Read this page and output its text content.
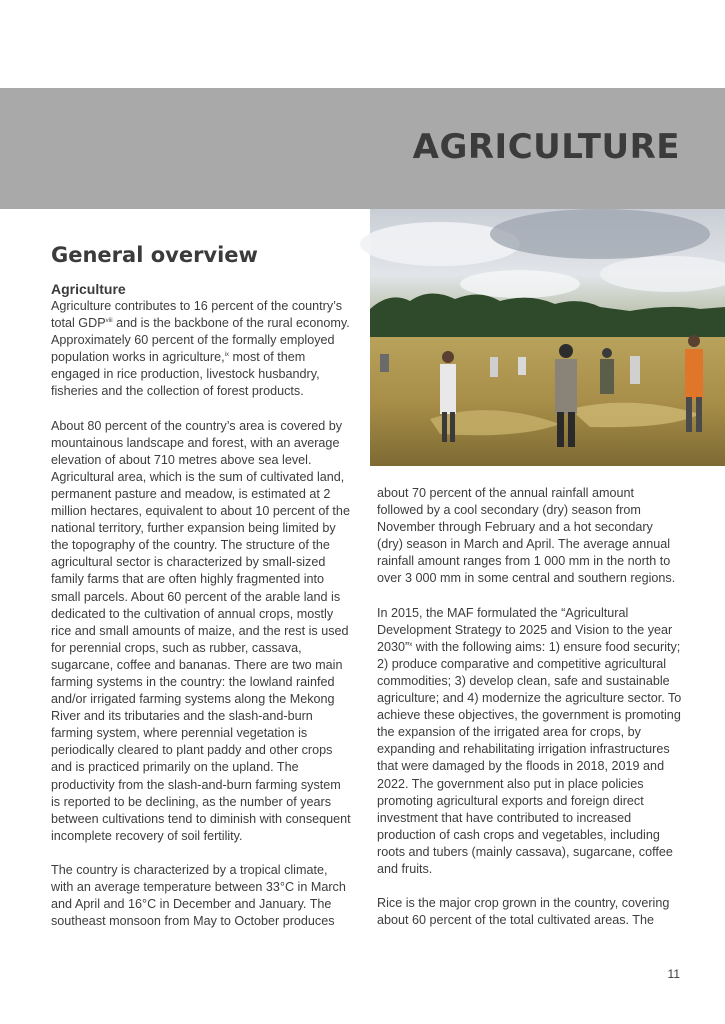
AGRICULTURE
© FAO/C. Ossket
General overview
Agriculture

Agriculture contributes to 16 percent of the country’s total GDP$^{viii}$ and is the backbone of the rural economy. Approximately 60 percent of the formally employed population works in agriculture,$^{ix}$ most of them engaged in rice production, livestock husbandry, fisheries and the collection of forest products.

About 80 percent of the country’s area is covered by mountainous landscape and forest, with an average elevation of about 710 metres above sea level. Agricultural area, which is the sum of cultivated land, permanent pasture and meadow, is estimated at 2 million hectares, equivalent to about 10 percent of the national territory, further expansion being limited by the topography of the country. The structure of the agricultural sector is characterized by small-sized family farms that are often highly fragmented into small parcels. About 60 percent of the arable land is dedicated to the cultivation of annual crops, mostly rice and small amounts of maize, and the rest is used for perennial crops, such as rubber, cassava, sugarcane, coffee and bananas. There are two main farming systems in the country: the lowland rainfed and/or irrigated farming systems along the Mekong River and its tributaries and the slash-and-burn farming system, where perennial vegetation is periodically cleared to plant paddy and other crops and is practiced primarily on the upland. The productivity from the slash-and-burn farming system is reported to be declining, as the number of years between cultivations tend to diminish with consequent incomplete recovery of soil fertility.

The country is characterized by a tropical climate, with an average temperature between 33°C in March and April and 16°C in December and January. The southeast monsoon from May to October produces

about 70 percent of the annual rainfall amount followed by a cool secondary (dry) season from November through February and a hot secondary (dry) season in March and April. The average annual rainfall amount ranges from 1 000 mm in the north to over 3 000 mm in some central and southern regions.

In 2015, the MAF formulated the “Agricultural Development Strategy to 2025 and Vision to the year 2030”$^x$ with the following aims: 1) ensure food security; 2) produce comparative and competitive agricultural commodities; 3) develop clean, safe and sustainable agriculture; and 4) modernize the agriculture sector. To achieve these objectives, the government is promoting the expansion of the irrigated area for crops, by expanding and rehabilitating irrigation infrastructures that were damaged by the floods in 2018, 2019 and 2022. The government also put in place policies promoting agricultural exports and foreign direct investment that have contributed to increased production of cash crops and vegetables, including roots and tubers (mainly cassava), sugarcane, coffee and fruits.

Rice is the major crop grown in the country, covering about 60 percent of the total cultivated areas. The

11
